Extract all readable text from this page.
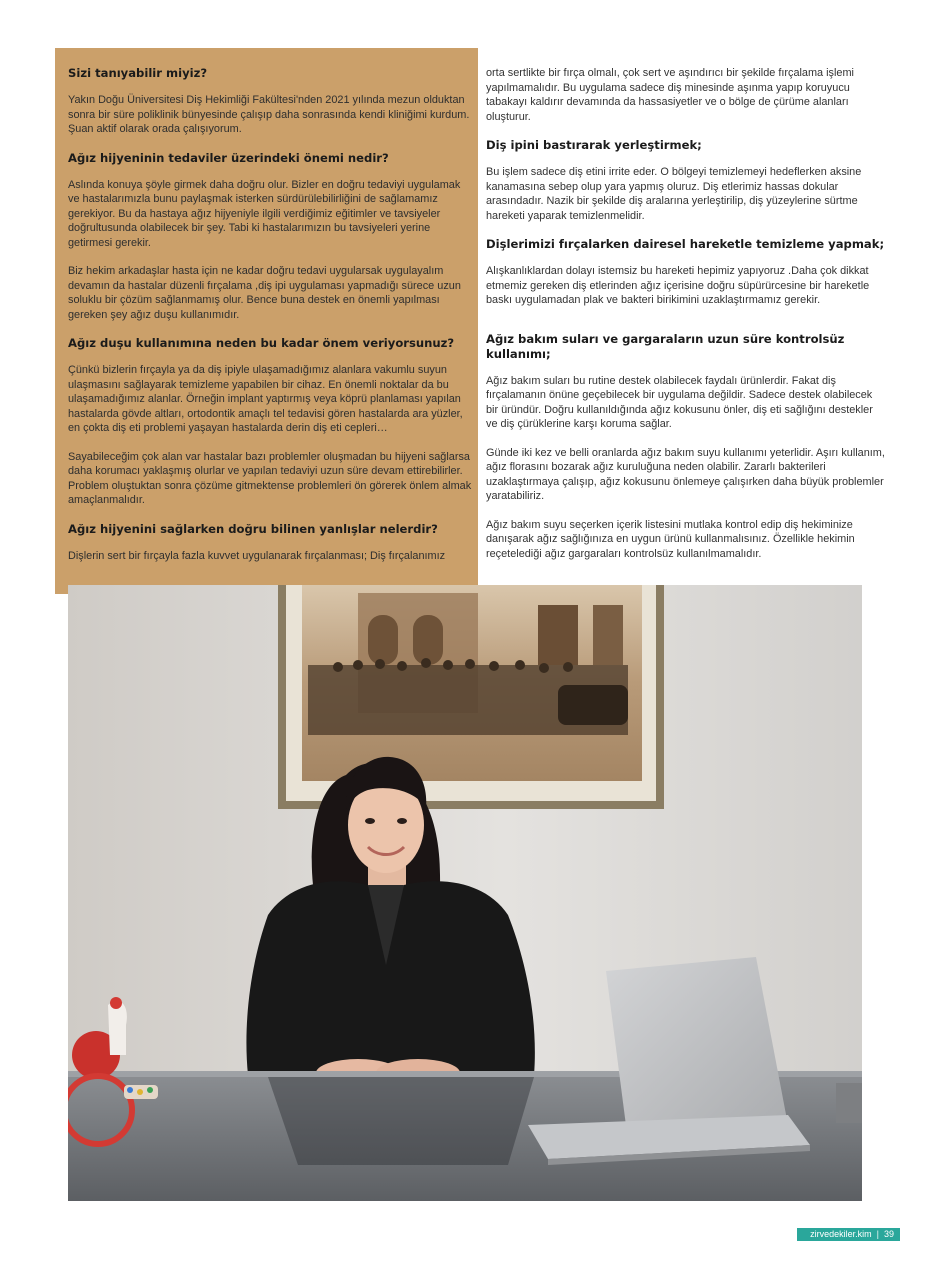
Sizi tanıyabilir miyiz?

Yakın Doğu Üniversitesi Diş Hekimliği Fakültesi'nden 2021 yılında mezun olduktan sonra bir süre poliklinik bünyesinde çalışıp daha sonrasında kendi kliniğimi kurdum. Şuan aktif olarak orada çalışıyorum.

Ağız hijyeninin tedaviler üzerindeki önemi nedir?

Aslında konuya şöyle girmek daha doğru olur. Bizler en doğru tedaviyi uygulamak ve hastalarımızla bunu paylaşmak isterken sürdürülebilirliğini de sağlamamız gerekiyor. Bu da hastaya ağız hijyeniyle ilgili verdiğimiz eğitimler ve tavsiyeler doğrultusunda olabilecek bir şey. Tabi ki hastalarımızın bu tavsiyeleri yerine getirmesi gerekir.

Biz hekim arkadaşlar hasta için ne kadar doğru tedavi uygularsak uygulayalım devamın da hastalar düzenli fırçalama ,diş ipi uygulaması yapmadığı sürece uzun soluklu bir çözüm sağlanmamış olur. Bence buna destek en önemli yapılması gereken şey ağız duşu kullanımıdır.

Ağız duşu kullanımına neden bu kadar önem veriyorsunuz?

Çünkü bizlerin fırçayla ya da diş ipiyle ulaşamadığımız alanlara vakumlu suyun ulaşmasını sağlayarak temizleme yapabilen bir cihaz. En önemli noktalar da bu ulaşamadığımız alanlar. Örneğin implant yaptırmış veya köprü planlaması yapılan hastalarda gövde altları, ortodontik amaçlı tel tedavisi gören hastalarda ara yüzler, en çokta diş eti problemi yaşayan hastalarda derin diş eti cepleri…

Sayabileceğim çok alan var hastalar bazı problemler oluşmadan bu hijyeni sağlarsa daha korumacı yaklaşmış olurlar ve yapılan tedaviyi uzun süre devam ettirebilirler. Problem oluştuktan sonra çözüme gitmektense problemleri ön görerek önlem almak amaçlanmalıdır.

Ağız hijyenini sağlarken doğru bilinen yanlışlar nelerdir?

Dişlerin sert bir fırçayla fazla kuvvet uygulanarak fırçalanması; Diş fırçalanımız

orta sertlikte bir fırça olmalı, çok sert ve aşındırıcı bir şekilde fırçalama işlemi yapılmamalıdır. Bu uygulama sadece diş minesinde aşınma yapıp koruyucu tabakayı kaldırır devamında da hassasiyetler ve o bölge de çürüme alanları oluşturur.

Diş ipini bastırarak yerleştirmek;

Bu işlem sadece diş etini irrite eder. O bölgeyi temizlemeyi hedeflerken aksine kanamasına sebep olup yara yapmış oluruz. Diş etlerimiz hassas dokular arasındadır. Nazik bir şekilde diş aralarına yerleştirilip, diş yüzeylerine sürtme hareketi yaparak temizlenmelidir.

Dişlerimizi fırçalarken dairesel hareketle temizleme yapmak;

Alışkanlıklardan dolayı istemsiz bu hareketi hepimiz yapıyoruz .Daha çok dikkat etmemiz gereken diş etlerinden ağız içerisine doğru süpürürcesine bir hareketle baskı uygulamadan plak ve bakteri birikimini uzaklaştırmamız gerekir.

Ağız bakım suları ve gargaraların uzun süre kontrolsüz kullanımı;

Ağız bakım suları bu rutine destek olabilecek faydalı ürünlerdir. Fakat diş fırçalamanın önüne geçebilecek bir uygulama değildir. Sadece destek olabilecek bir üründür. Doğru kullanıldığında ağız kokusunu önler, diş eti sağlığını destekler ve diş çürüklerine karşı koruma sağlar.

Günde iki kez ve belli oranlarda ağız bakım suyu kullanımı yeterlidir. Aşırı kullanım, ağız florasını bozarak ağız kuruluğuna neden olabilir. Zararlı bakterileri uzaklaştırmaya çalışıp, ağız kokusunu önlemeye çalışırken daha büyük problemler yaratabiliriz.

Ağız bakım suyu seçerken içerik listesini mutlaka kontrol edip diş hekiminize danışarak ağız sağlığınıza en uygun ürünü kullanmalısınız. Özellikle hekimin reçetelediği ağız gargaraları kontrolsüz kullanılmamalıdır.

zirvedekiler.kim | 39
